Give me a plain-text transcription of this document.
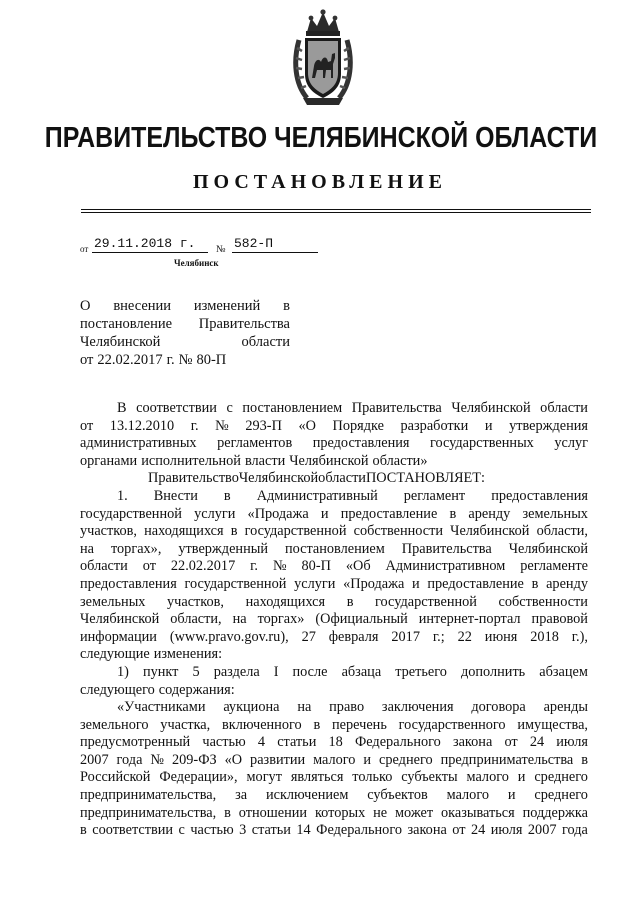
ПРАВИТЕЛЬСТВО ЧЕЛЯБИНСКОЙ ОБЛАСТИ
ПОСТАНОВЛЕНИЕ
от 29.11.2018 г. № 582-П
Челябинск
О внесении изменений в
постановление Правительства
Челябинской	области
от 22.02.2017 г. № 80-П
В соответствии с постановлением Правительства Челябинской области
от 13.12.2010 г. № 293-П «О Порядке разработки и утверждения
административных регламентов предоставления государственных услуг
органами исполнительной власти Челябинской области»
Правительство Челябинской области ПОСТАНОВЛЯЕТ:
1. Внести в Административный регламент предоставления
государственной услуги «Продажа и предоставление в аренду земельных
участков, находящихся в государственной собственности Челябинской области,
на торгах», утвержденный постановлением Правительства Челябинской
области от 22.02.2017 г. № 80-П «Об Административном регламенте
предоставления государственной услуги «Продажа и предоставление в аренду
земельных участков, находящихся в государственной собственности
Челябинской области, на торгах» (Официальный интернет-портал правовой
информации (www.pravo.gov.ru), 27 февраля 2017 г.; 22 июня 2018 г.),
следующие изменения:
1) пункт 5 раздела I после абзаца третьего дополнить абзацем
следующего содержания:
«Участниками аукциона на право заключения договора аренды
земельного участка, включенного в перечень государственного имущества,
предусмотренный частью 4 статьи 18 Федерального закона от 24 июля
2007 года № 209-ФЗ «О развитии малого и среднего предпринимательства в
Российской Федерации», могут являться только субъекты малого и среднего
предпринимательства, за исключением субъектов малого и среднего
предпринимательства, в отношении которых не может оказываться поддержка
в соответствии с частью 3 статьи 14 Федерального закона от 24 июля 2007 года
